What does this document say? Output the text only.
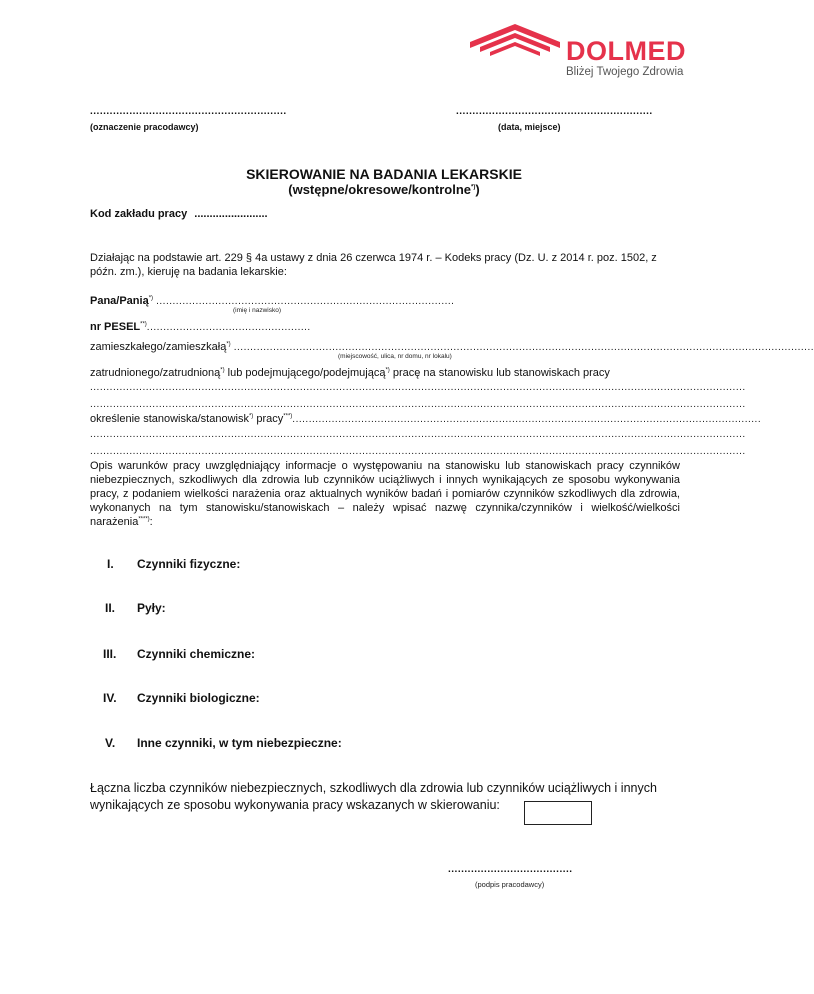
DOLMED
Bliżej Twojego Zdrowia
............................................................
(oznaczenie pracodawcy)
............................................................
(data, miejsce)
SKIEROWANIE NA BADANIA LEKARSKIE
(wstępne/okresowe/kontrolne*))
Kod zakładu pracy ........................
Działając na podstawie art. 229 § 4a ustawy z dnia 26 czerwca 1974 r. – Kodeks pracy (Dz. U. z 2014 r. poz. 1502, z późn. zm.), kieruję na badania lekarskie:
Pana/Panią*) ...........................................................................................
(imię i nazwisko)
nr PESEL**)..................................................
zamieszkałego/zamieszkałą*) .................................................................................................................................................................................
(miejscowość, ulica, nr domu, nr lokalu)
zatrudnionego/zatrudnioną*) lub podejmującego/podejmującą*) pracę na stanowisku lub stanowiskach pracy
........................................................................................................................................................................................................
........................................................................................................................................................................................................
określenie stanowiska/stanowisk*) pracy***)...............................................................................................................................................
........................................................................................................................................................................................................
........................................................................................................................................................................................................
Opis warunków pracy uwzględniający informacje o występowaniu na stanowisku lub stanowiskach pracy czynników niebezpiecznych, szkodliwych dla zdrowia lub czynników uciążliwych i innych wynikających ze sposobu wykonywania pracy, z podaniem wielkości narażenia oraz aktualnych wyników badań i pomiarów czynników szkodliwych dla zdrowia, wykonanych na tym stanowisku/stanowiskach – należy wpisać nazwę czynnika/czynników i wielkość/wielkości narażenia****):
I. Czynniki fizyczne:
II. Pyły:
III. Czynniki chemiczne:
IV. Czynniki biologiczne:
V. Inne czynniki, w tym niebezpieczne:
Łączna liczba czynników niebezpiecznych, szkodliwych dla zdrowia lub czynników uciążliwych i innych wynikających ze sposobu wykonywania pracy wskazanych w skierowaniu:
......................................
(podpis pracodawcy)
